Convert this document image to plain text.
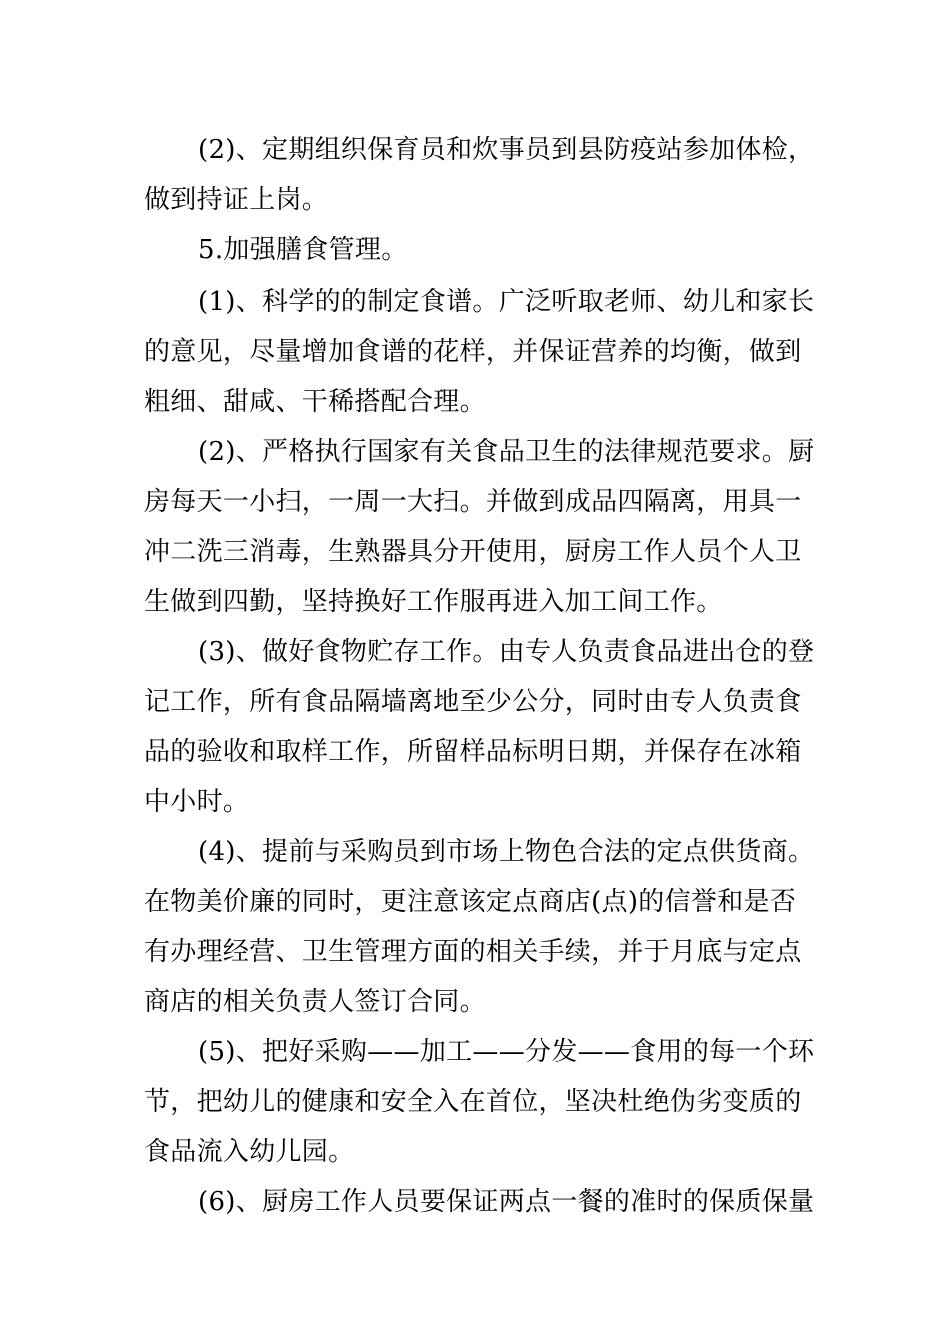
(2)、定期组织保育员和炊事员到县防疫站参加体检，

做到持证上岗。

5.加强膳食管理。

(1)、科学的的制定食谱。广泛听取老师、幼儿和家长

的意见，尽量增加食谱的花样，并保证营养的均衡，做到

粗细、甜咸、干稀搭配合理。

(2)、严格执行国家有关食品卫生的法律规范要求。厨

房每天一小扫，一周一大扫。并做到成品四隔离，用具一

冲二洗三消毒，生熟器具分开使用，厨房工作人员个人卫

生做到四勤，坚持换好工作服再进入加工间工作。

(3)、做好食物贮存工作。由专人负责食品进出仓的登

记工作，所有食品隔墙离地至少公分，同时由专人负责食

品的验收和取样工作，所留样品标明日期，并保存在冰箱

中小时。

(4)、提前与采购员到市场上物色合法的定点供货商。

在物美价廉的同时，更注意该定点商店(点)的信誉和是否

有办理经营、卫生管理方面的相关手续，并于月底与定点

商店的相关负责人签订合同。

(5)、把好采购——加工——分发——食用的每一个环

节，把幼儿的健康和安全入在首位，坚决杜绝伪劣变质的

食品流入幼儿园。

(6)、厨房工作人员要保证两点一餐的准时的保质保量
